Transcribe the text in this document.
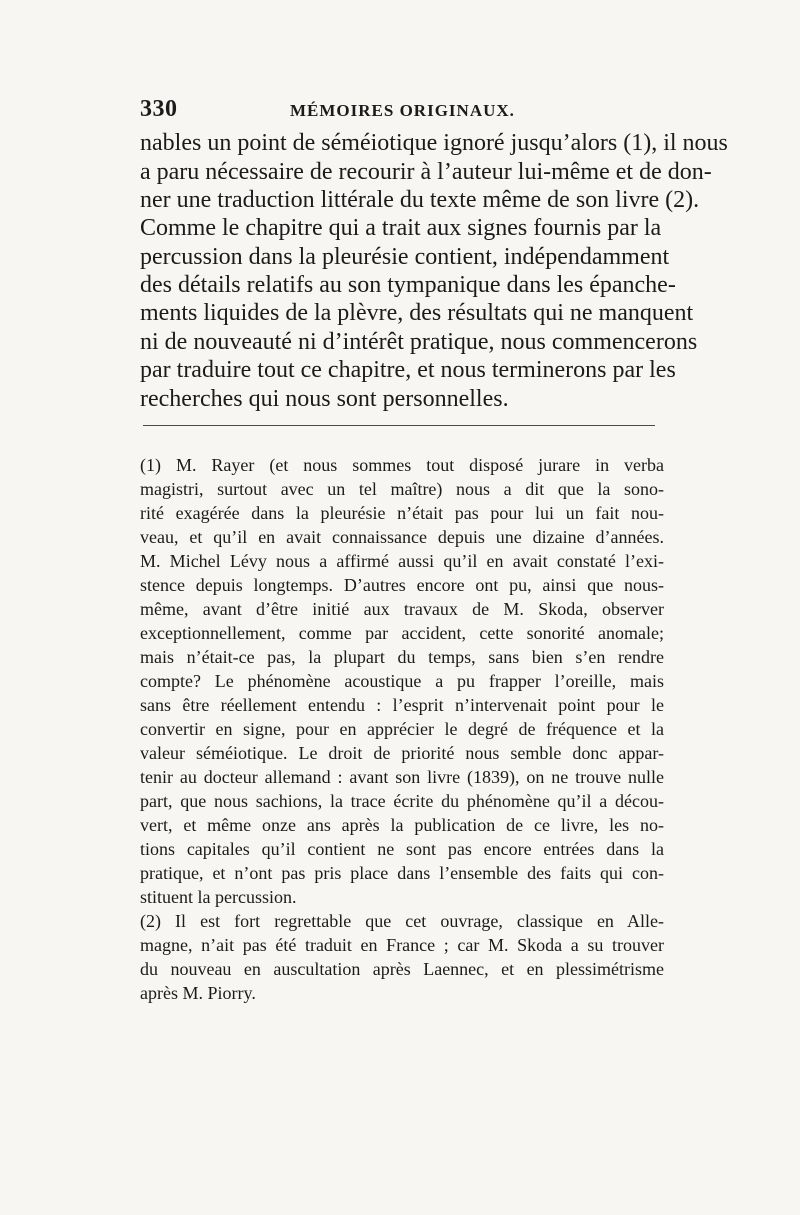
330	MÉMOIRES ORIGINAUX.
nables un point de séméiotique ignoré jusqu’alors (1), il nous
a paru nécessaire de recourir à l’auteur lui-même et de don-
ner une traduction littérale du texte même de son livre (2).
Comme le chapitre qui a trait aux signes fournis par la
percussion dans la pleurésie contient, indépendamment
des détails relatifs au son tympanique dans les épanche-
ments liquides de la plèvre, des résultats qui ne manquent
ni de nouveauté ni d’intérêt pratique, nous commencerons
par traduire tout ce chapitre, et nous terminerons par les
recherches qui nous sont personnelles.
(1) M. Rayer (et nous sommes tout disposé jurare in verba
magistri, surtout avec un tel maître) nous a dit que la sono-
rité exagérée dans la pleurésie n’était pas pour lui un fait nou-
veau, et qu’il en avait connaissance depuis une dizaine d’années.
M. Michel Lévy nous a affirmé aussi qu’il en avait constaté l’exi-
stence depuis longtemps. D’autres encore ont pu, ainsi que nous-
même, avant d’être initié aux travaux de M. Skoda, observer
exceptionnellement, comme par accident, cette sonorité anomale;
mais n’était-ce pas, la plupart du temps, sans bien s’en rendre
compte? Le phénomène acoustique a pu frapper l’oreille, mais
sans être réellement entendu : l’esprit n’intervenait point pour le
convertir en signe, pour en apprécier le degré de fréquence et la
valeur séméiotique. Le droit de priorité nous semble donc appar-
tenir au docteur allemand : avant son livre (1839), on ne trouve nulle
part, que nous sachions, la trace écrite du phénomène qu’il a décou-
vert, et même onze ans après la publication de ce livre, les no-
tions capitales qu’il contient ne sont pas encore entrées dans la
pratique, et n’ont pas pris place dans l’ensemble des faits qui con-
stituent la percussion.
(2) Il est fort regrettable que cet ouvrage, classique en Alle-
magne, n’ait pas été traduit en France ; car M. Skoda a su trouver
du nouveau en auscultation après Laennec, et en plessimétrisme
après M. Piorry.
